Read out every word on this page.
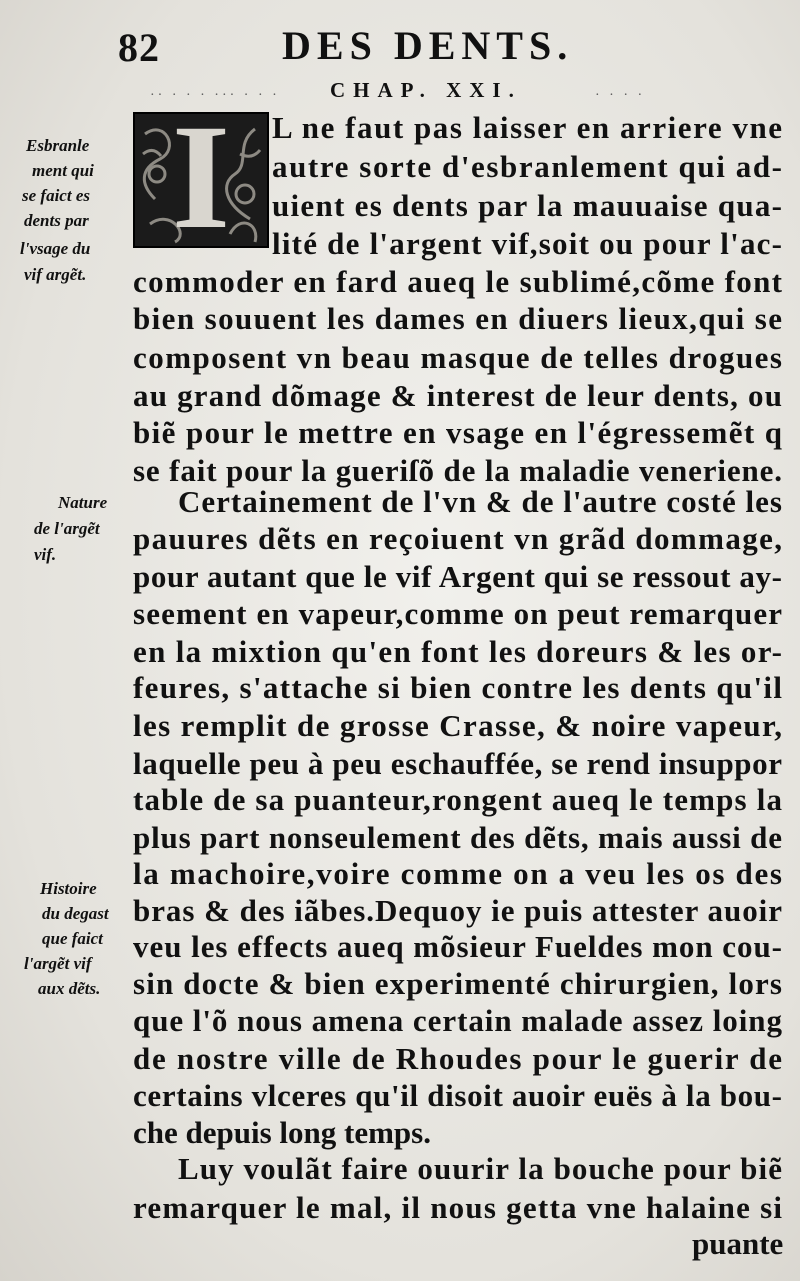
82	DES DENTS.
·· · · · ··· · · · CHAP. XXI.	· · · ·
I	L ne faut pas laisser en arriere vne
autre sorte d'esbranlement qui ad-
uient es dents par la mauuaise qua-
lité de l'argent vif,soit ou pour l'ac-
commoder en fard aueq le sublimé,cõme font
bien souuent les dames en diuers lieux,qui se
composent vn beau masque de telles drogues
au grand dõmage & interest de leur dents, ou
biẽ pour le mettre en vsage en l'égressemẽt q
se fait pour la gueriſõ de la maladie veneriene.
Certainement de l'vn & de l'autre costé les
pauures dẽts en reçoiuent vn grãd dommage,
pour autant que le vif Argent qui se ressout ay-
seement en vapeur,comme on peut remarquer
en la mixtion qu'en font les doreurs & les or-
feures, s'attache si bien contre les dents qu'il
les remplit de grosse Crasse, & noire vapeur,
laquelle peu à peu eschauffée, se rend insuppor
table de sa puanteur,rongent aueq le temps la
plus part nonseulement des dẽts, mais aussi de
la machoire,voire comme on a veu les os des
bras & des iãbes.Dequoy ie puis attester auoir
veu les effects aueq mõsieur Fueldes mon cou-
sin docte & bien experimenté chirurgien, lors
que l'õ nous amena certain malade assez loing
de nostre ville de Rhoudes pour le guerir de
certains vlceres qu'il disoit auoir euës à la bou-
che depuis long temps.
Luy voulãt faire ouurir la bouche pour biẽ
remarquer le mal, il nous getta vne halaine si
puante
Esbranle
ment qui
se faict es
dents par
l'vsage du
vif argẽt.
Nature
de l'argẽt
vif.
Histoire
du degast
que faict
l'argẽt vif
aux dẽts.
